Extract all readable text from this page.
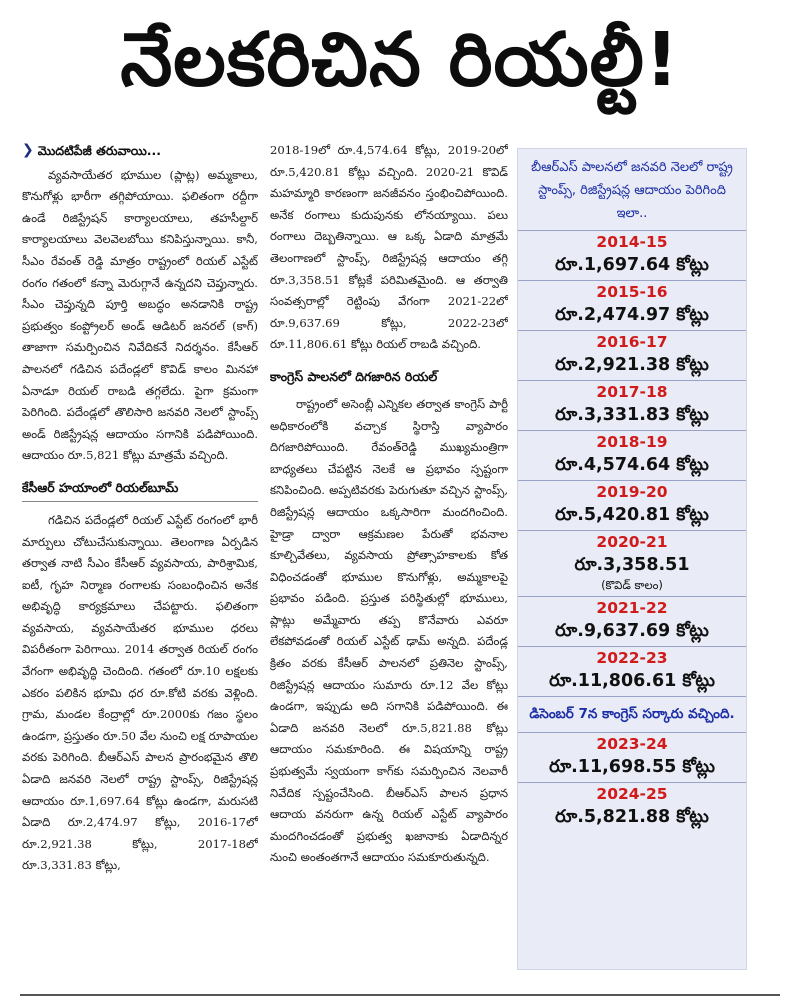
నేలకరిచిన రియల్టీ!
❯ మొదటిపేజీ తరువాయి...

వ్యవసాయేతర భూముల (ప్లాట్ల) అమ్మకాలు, కొనుగోళ్లు భారీగా తగ్గిపోయాయి. ఫలితంగా రద్దీగా ఉండే రిజిస్ట్రేషన్ కార్యాలయాలు, తహసీల్దార్ కార్యాలయాలు వెలవెలబోయి కనిపిస్తున్నాయి. కానీ, సీఎం రేవంత్ రెడ్డి మాత్రం రాష్ట్రంలో రియల్ ఎస్టేట్ రంగం గతంలో కన్నా మెరుగ్గానే ఉన్నదని చెప్తున్నారు. సీఎం చెప్తున్నది పూర్తి అబద్ధం అనడానికి రాష్ట్ర ప్రభుత్వం కంప్ట్రోలర్ అండ్ ఆడిటర్ జనరల్ (కాగ్) తాజాగా సమర్పించిన నివేదికనే నిదర్శనం. కేసీఆర్ పాలనలో గడిచిన పదేండ్లలో కొవిడ్ కాలం మినహా ఏనాడూ రియల్ రాబడి తగ్గలేదు. పైగా క్రమంగా పెరిగింది. పదేండ్లలో తొలిసారి జనవరి నెలలో స్టాంప్స్ అండ్ రిజిస్ట్రేషన్ల ఆదాయం సగానికి పడిపోయింది. ఆదాయం రూ.5,821 కోట్లు మాత్రమే వచ్చింది.

కేసీఆర్ హయాంలో రియల్‌బూమ్

గడిచిన పదేండ్లలో రియల్ ఎస్టేట్ రంగంలో భారీ మార్పులు చోటుచేసుకున్నాయి. తెలంగాణ ఏర్పడిన తర్వాత నాటి సీఎం కేసీఆర్ వ్యవసాయ, పారిశ్రామిక, ఐటీ, గృహ నిర్మాణ రంగాలకు సంబంధించిన అనేక అభివృద్ధి కార్యక్రమాలు చేపట్టారు. ఫలితంగా వ్యవసాయ, వ్యవసాయేతర భూముల ధరలు విపరీతంగా పెరిగాయి. 2014 తర్వాత రియల్ రంగం వేగంగా అభివృద్ధి చెందింది. గతంలో రూ.10 లక్షలకు ఎకరం పలికిన భూమి ధర రూ.కోటి వరకు వెళ్లింది. గ్రామ, మండల కేంద్రాల్లో రూ.2000కు గజం స్థలం ఉండగా, ప్రస్తుతం రూ.50 వేల నుంచి లక్ష రూపాయల వరకు పెరిగింది. బీఆర్ఎస్ పాలన ప్రారంభమైన తొలి ఏడాది జనవరి నెలలో రాష్ట్ర స్టాంప్స్, రిజిస్ట్రేషన్ల ఆదాయం రూ.1,697.64 కోట్లు ఉండగా, మరుసటి ఏడాది రూ.2,474.97 కోట్లు, 2016-17లో రూ.2,921.38 కోట్లు, 2017-18లో రూ.3,331.83 కోట్లు,

2018-19లో రూ.4,574.64 కోట్లు, 2019-20లో రూ.5,420.81 కోట్లు వచ్చింది. 2020-21 కొవిడ్ మహమ్మారి కారణంగా జనజీవనం స్తంభించిపోయింది. అనేక రంగాలు కుదుపునకు లోనయ్యాయి. పలు రంగాలు దెబ్బతిన్నాయి. ఆ ఒక్క ఏడాది మాత్రమే తెలంగాణలో స్టాంప్స్, రిజిస్ట్రేషన్ల ఆదాయం తగ్గి రూ.3,358.51 కోట్లకే పరిమితమైంది. ఆ తర్వాతి సంవత్సరాల్లో రెట్టింపు వేగంగా 2021-22లో రూ.9,637.69 కోట్లు, 2022-23లో రూ.11,806.61 కోట్లు రియల్ రాబడి వచ్చింది.

కాంగ్రెస్ పాలనలో దిగజారిన రియల్

రాష్ట్రంలో అసెంబ్లీ ఎన్నికల తర్వాత కాంగ్రెస్ పార్టీ అధికారంలోకి వచ్చాక స్థిరాస్తి వ్యాపారం దిగజారిపోయింది. రేవంత్‌రెడ్డి ముఖ్యమంత్రిగా బాధ్యతలు చేపట్టిన నెలకే ఆ ప్రభావం స్పష్టంగా కనిపించింది. అప్పటివరకు పెరుగుతూ వచ్చిన స్టాంప్స్, రిజిస్ట్రేషన్ల ఆదాయం ఒక్కసారిగా మందగించింది. హైడ్రా ద్వారా ఆక్రమణల పేరుతో భవనాల కూల్చివేతలు, వ్యవసాయ ప్రోత్సాహకాలకు కోత విధించడంతో భూముల కొనుగోళ్లు, అమ్మకాలపై ప్రభావం పడింది. ప్రస్తుత పరిస్థితుల్లో భూములు, ప్లాట్లు అమ్మేవారు తప్ప కొనేవారు ఎవరూ లేకపోవడంతో రియల్ ఎస్టేట్ ఢామ్ అన్నది. పదేండ్ల క్రితం వరకు కేసీఆర్ పాలనలో ప్రతినెల స్టాంప్స్, రిజిస్ట్రేషన్ల ఆదాయం సుమారు రూ.12 వేల కోట్లు ఉండగా, ఇప్పుడు అది సగానికి పడిపోయింది. ఈ ఏడాది జనవరి నెలలో రూ.5,821.88 కోట్లు ఆదాయం సమకూరింది. ఈ విషయాన్ని రాష్ట్ర ప్రభుత్వమే స్వయంగా కాగ్‌కు సమర్పించిన నెలవారీ నివేదిక స్పష్టంచేసింది. బీఆర్ఎస్ పాలన ప్రధాన ఆదాయ వనరుగా ఉన్న రియల్ ఎస్టేట్ వ్యాపారం మందగించడంతో ప్రభుత్వ ఖజానాకు ఏడాదిన్నర నుంచి అంతంతగానే ఆదాయం సమకూరుతున్నది.

బీఆర్ఎస్ పాలనలో జనవరి నెలలో రాష్ట్ర స్టాంప్స్, రిజిస్ట్రేషన్ల ఆదాయం పెరిగింది ఇలా..
2014-15
రూ.1,697.64 కోట్లు
2015-16
రూ.2,474.97 కోట్లు
2016-17
రూ.2,921.38 కోట్లు
2017-18
రూ.3,331.83 కోట్లు
2018-19
రూ.4,574.64 కోట్లు
2019-20
రూ.5,420.81 కోట్లు
2020-21
రూ.3,358.51
(కొవిడ్ కాలం)
2021-22
రూ.9,637.69 కోట్లు
2022-23
రూ.11,806.61 కోట్లు
డిసెంబర్ 7న కాంగ్రెస్ సర్కారు వచ్చింది.
2023-24
రూ.11,698.55 కోట్లు
2024-25
రూ.5,821.88 కోట్లు
